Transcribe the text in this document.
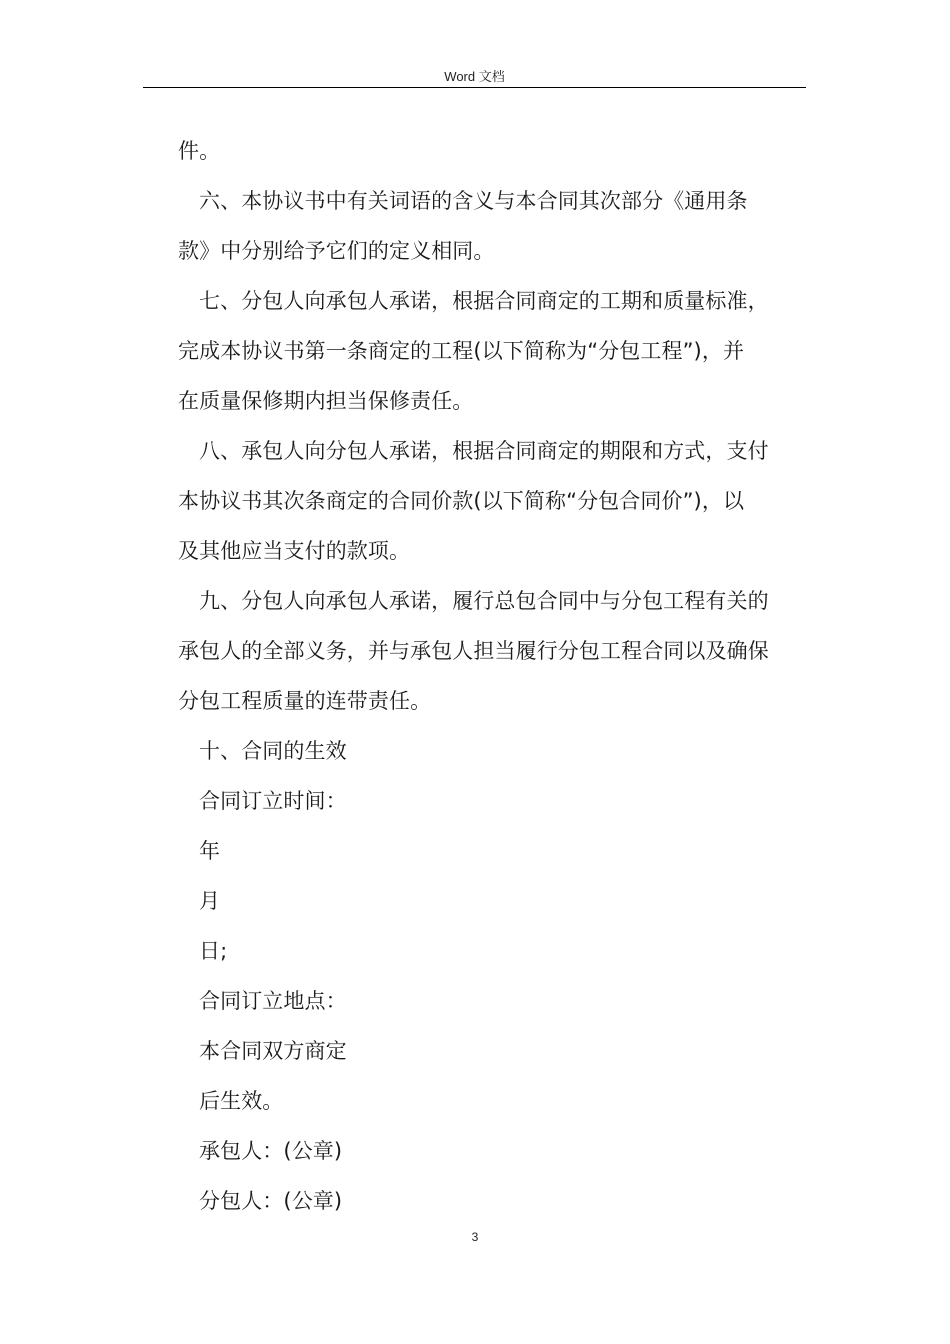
Word 文档
件。
六、本协议书中有关词语的含义与本合同其次部分《通用条
款》中分别给予它们的定义相同。
七、分包人向承包人承诺，根据合同商定的工期和质量标准，
完成本协议书第一条商定的工程(以下简称为“分包工程”)，并
在质量保修期内担当保修责任。
八、承包人向分包人承诺，根据合同商定的期限和方式，支付
本协议书其次条商定的合同价款(以下简称“分包合同价”)，以
及其他应当支付的款项。
九、分包人向承包人承诺，履行总包合同中与分包工程有关的
承包人的全部义务，并与承包人担当履行分包工程合同以及确保
分包工程质量的连带责任。
十、合同的生效
合同订立时间：
年
月
日;
合同订立地点：
本合同双方商定
后生效。
承包人：(公章)
分包人：(公章)
3
